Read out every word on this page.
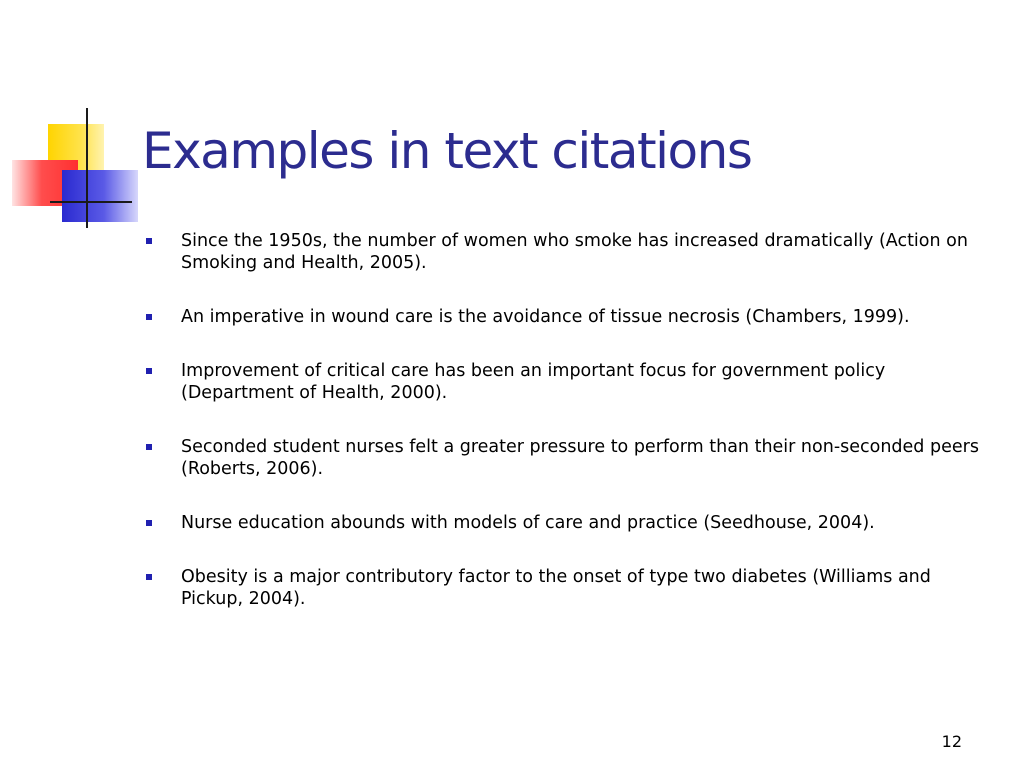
Examples in text citations
Since the 1950s, the number of women who smoke has increased dramatically (Action on Smoking and Health, 2005).
An imperative in wound care is the avoidance of tissue necrosis (Chambers, 1999).
Improvement of critical care has been an important focus for government policy (Department of Health, 2000).
Seconded student nurses felt a greater pressure to perform than their non-seconded peers (Roberts, 2006).
Nurse education abounds with models of care and practice (Seedhouse, 2004).
Obesity is a major contributory factor to the onset of type two diabetes (Williams and Pickup, 2004).
12
